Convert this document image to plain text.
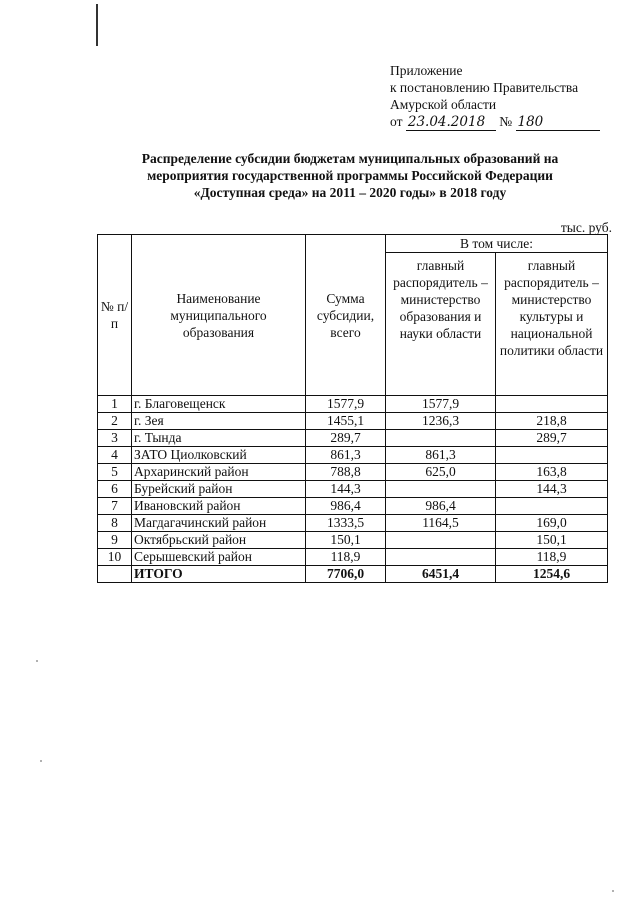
Приложение
к постановлению Правительства
Амурской области
от 23.04.2018 № 180
Распределение субсидии бюджетам муниципальных образований на
мероприятия государственной программы Российской Федерации
«Доступная среда» на 2011 – 2020 годы» в 2018 году
тыс. руб.
№ п/п	Наименование муниципального образования	Сумма субсидии, всего	В том числе:	
			главный распорядитель – министерство образования и науки области	главный распорядитель – министерство культуры и национальной политики области
1	г. Благовещенск	1577,9	1577,9	
2	г. Зея	1455,1	1236,3	218,8
3	г. Тында	289,7		289,7
4	ЗАТО Циолковский	861,3	861,3	
5	Архаринский район	788,8	625,0	163,8
6	Бурейский район	144,3		144,3
7	Ивановский район	986,4	986,4	
8	Магдагачинский район	1333,5	1164,5	169,0
9	Октябрьский район	150,1		150,1
10	Серышевский район	118,9		118,9
	ИТОГО	7706,0	6451,4	1254,6
